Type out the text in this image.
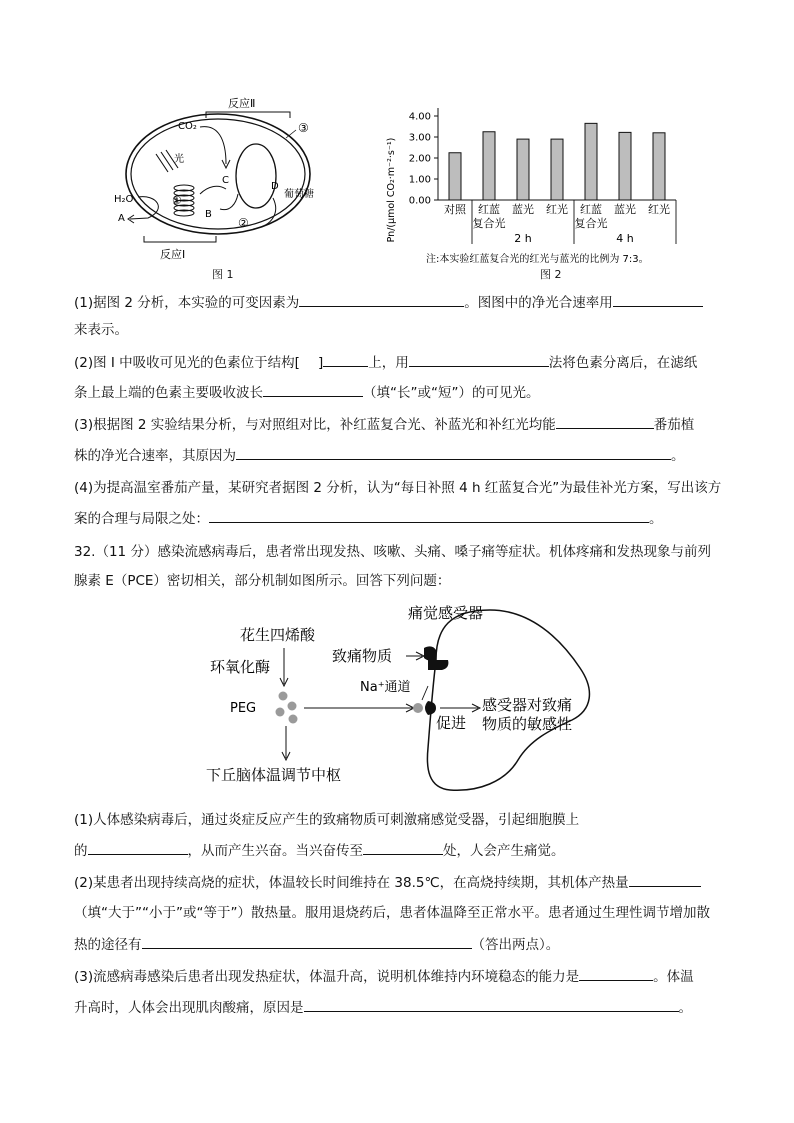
反应Ⅱ
③
CO₂
C
D
葡萄糖
光
①
H₂O
A	B
②
反应Ⅰ
图 1
Pn/(μmol CO₂·m⁻²·s⁻¹) 0.00
1.00
2.00
3.00
4.00
对照 红蓝
复合光
蓝光 红光 红蓝
复合光
蓝光 红光
2 h	4 h
注:本实验红蓝复合光的红光与蓝光的比例为 7:3。
图 2
(1)据图 2 分析，本实验的可变因素为	。图图中的净光合速率用
来表示。
(2)图 I 中吸收可见光的色素位于结构[ ]	上，用	法将色素分离后，在滤纸
条上最上端的色素主要吸收波长	（填“长”或“短”）的可见光。
(3)根据图 2 实验结果分析，与对照组对比，补红蓝复合光、补蓝光和补红光均能	番茄植
株的净光合速率，其原因为	。
(4)为提高温室番茄产量，某研究者据图 2 分析，认为“每日补照 4 h 红蓝复合光”为最佳补光方案，写出该方
案的合理与局限之处：	。
32.（11 分）感染流感病毒后，患者常出现发热、咳嗽、头痛、嗓子痛等症状。机体疼痛和发热现象与前列
腺素 E（PCE）密切相关，部分机制如图所示。回答下列问题：
痛觉感受器
花生四烯酸
环氧化酶
PEG
致痛物质
Na⁺通道
促进
感受器对致痛
物质的敏感性
下丘脑体温调节中枢
(1)人体感染病毒后，通过炎症反应产生的致痛物质可刺激痛感觉受器，引起细胞膜上
的	，从而产生兴奋。当兴奋传至	处，人会产生痛觉。
(2)某患者出现持续高烧的症状，体温较长时间维持在 38.5℃，在高烧持续期，其机体产热量
（填“大于”“小于”或“等于”）散热量。服用退烧药后，患者体温降至正常水平。患者通过生理性调节增加散
热的途径有	（答出两点）。
(3)流感病毒感染后患者出现发热症状，体温升高，说明机体维持内环境稳态的能力是	。体温
升高时，人体会出现肌肉酸痛，原因是	。
